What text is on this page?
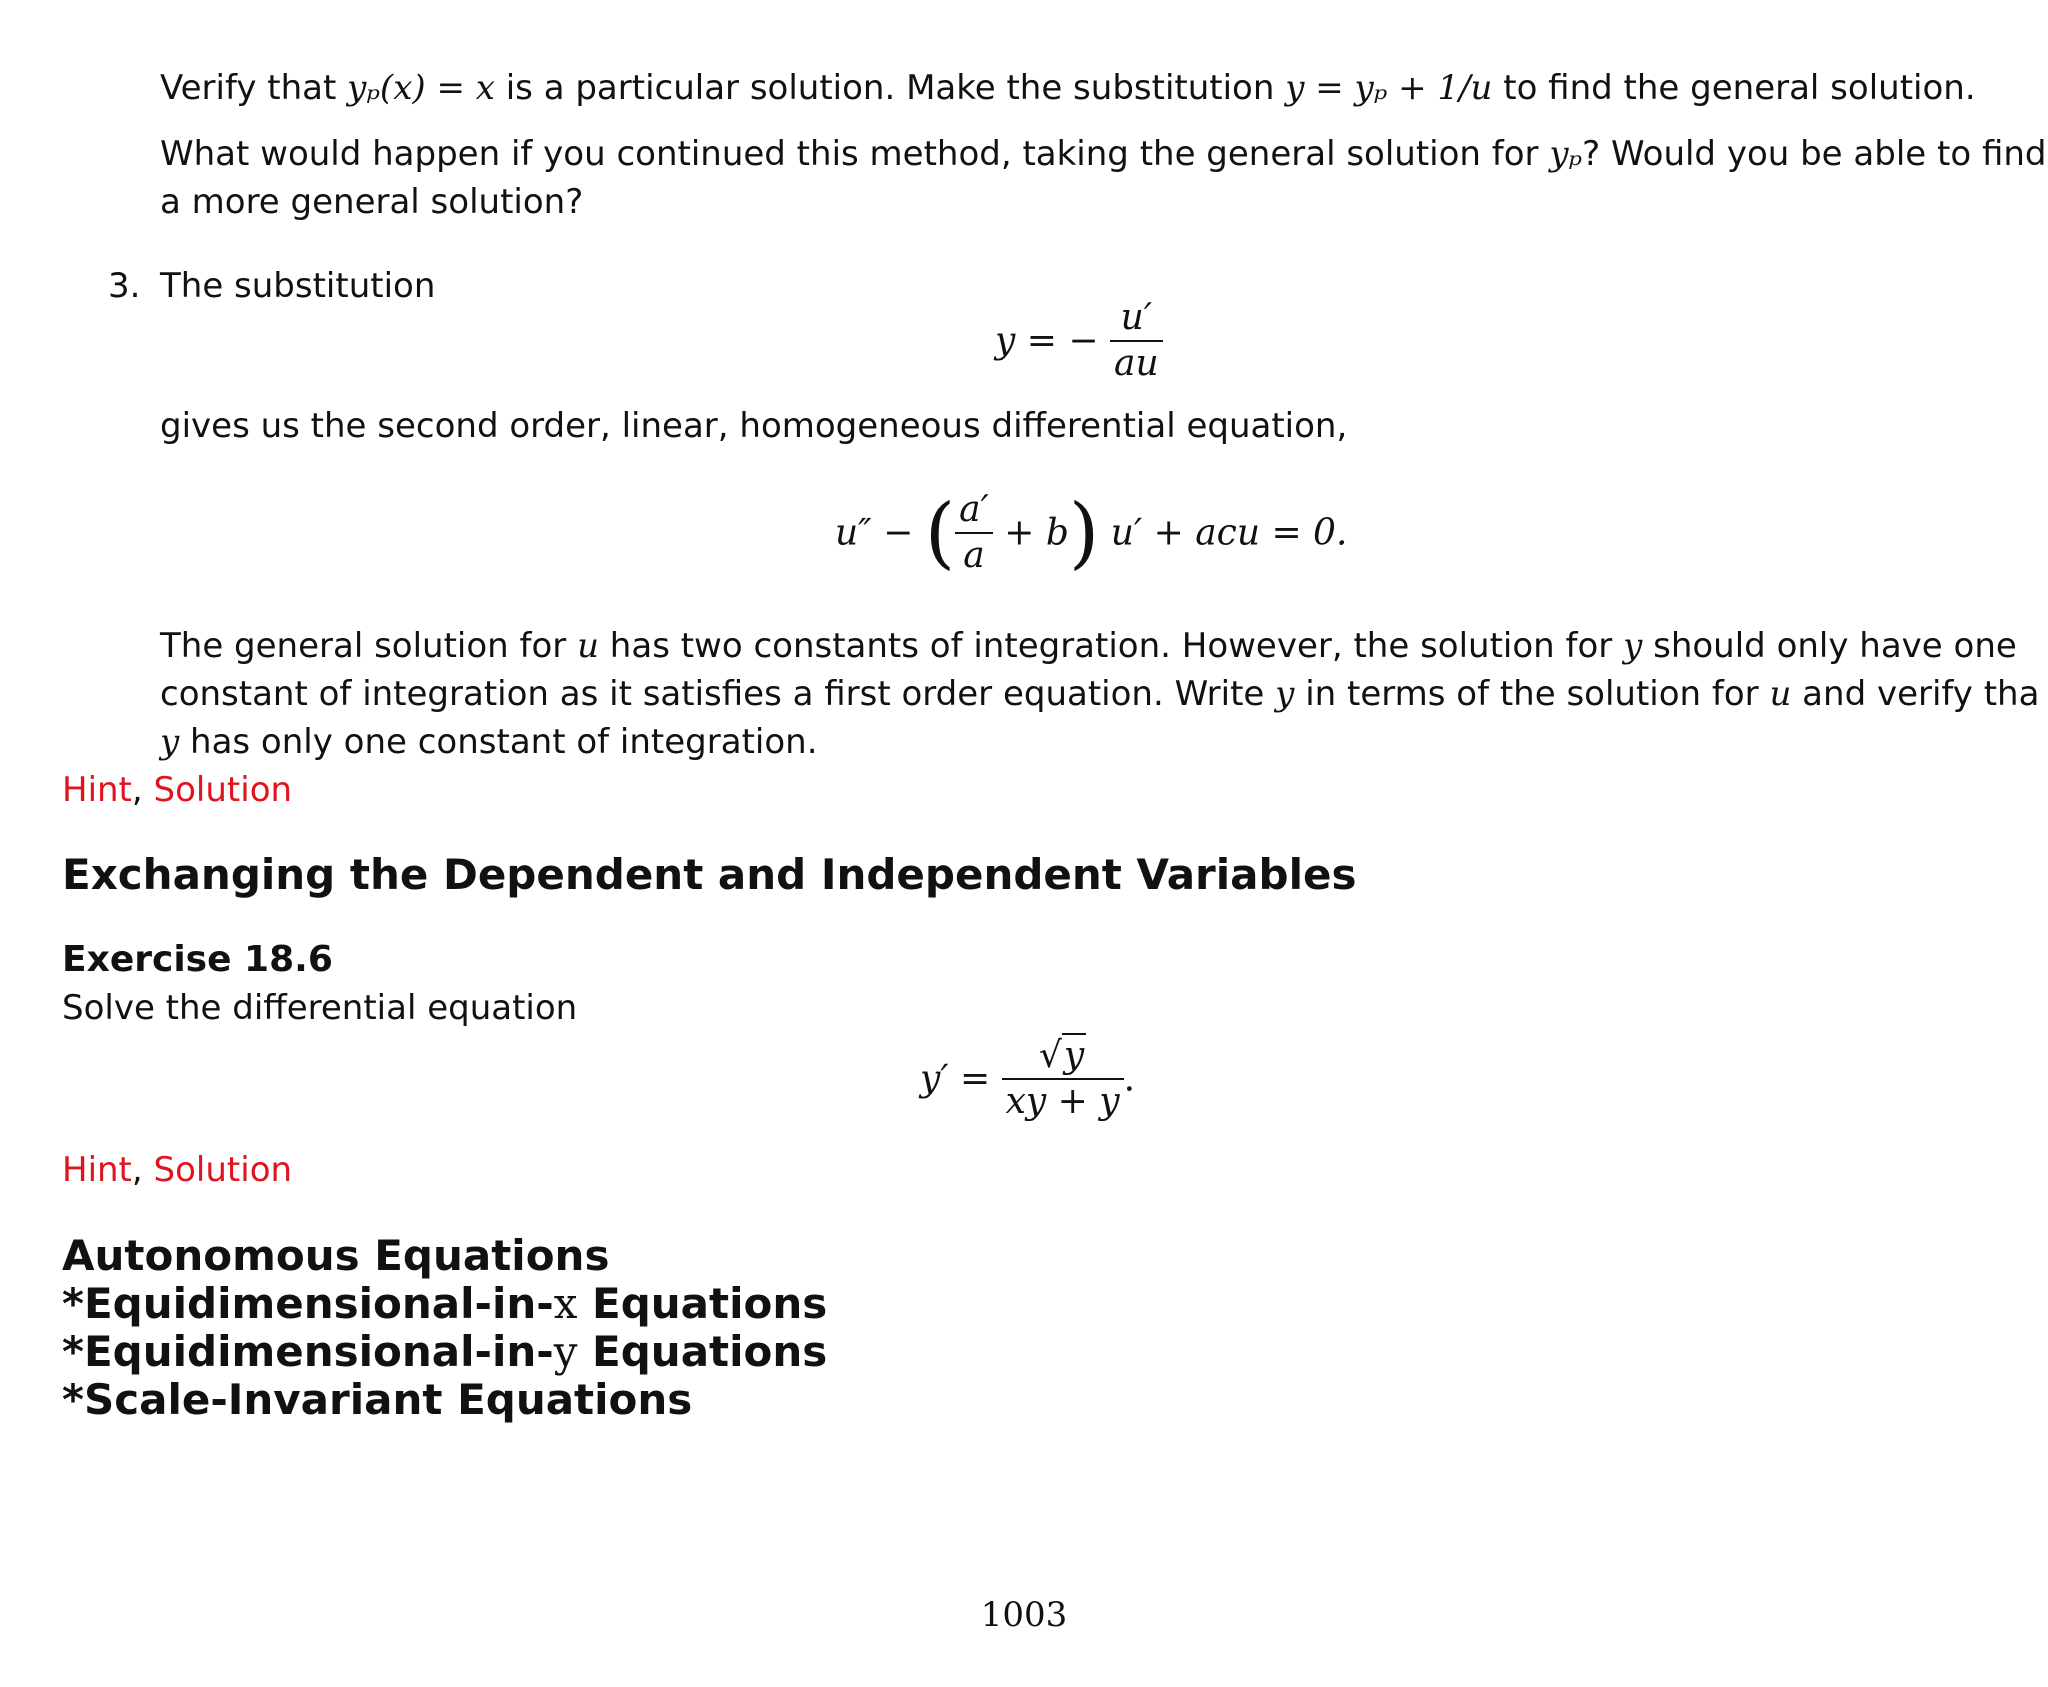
Verify that yₚ(x) = x is a particular solution. Make the substitution y = yₚ + 1/u to find the general solution.
What would happen if you continued this method, taking the general solution for yₚ? Would you be able to find
a more general solution?
3. The substitution
y = − $\frac{u'}{au}$
gives us the second order, linear, homogeneous differential equation,
u″ − ( $\frac{a'}{a} + b$) u′ + acu = 0.
The general solution for u has two constants of integration. However, the solution for y should only have one
constant of integration as it satisfies a first order equation. Write y in terms of the solution for u and verify tha
y has only one constant of integration.
Hint, Solution
Exchanging the Dependent and Independent Variables
Exercise 18.6
Solve the differential equation
$y' = \frac{√y}{xy + y}$ .
Hint, Solution
Autonomous Equations
*Equidimensional-in-x Equations
*Equidimensional-in-y Equations
*Scale-Invariant Equations
1003
